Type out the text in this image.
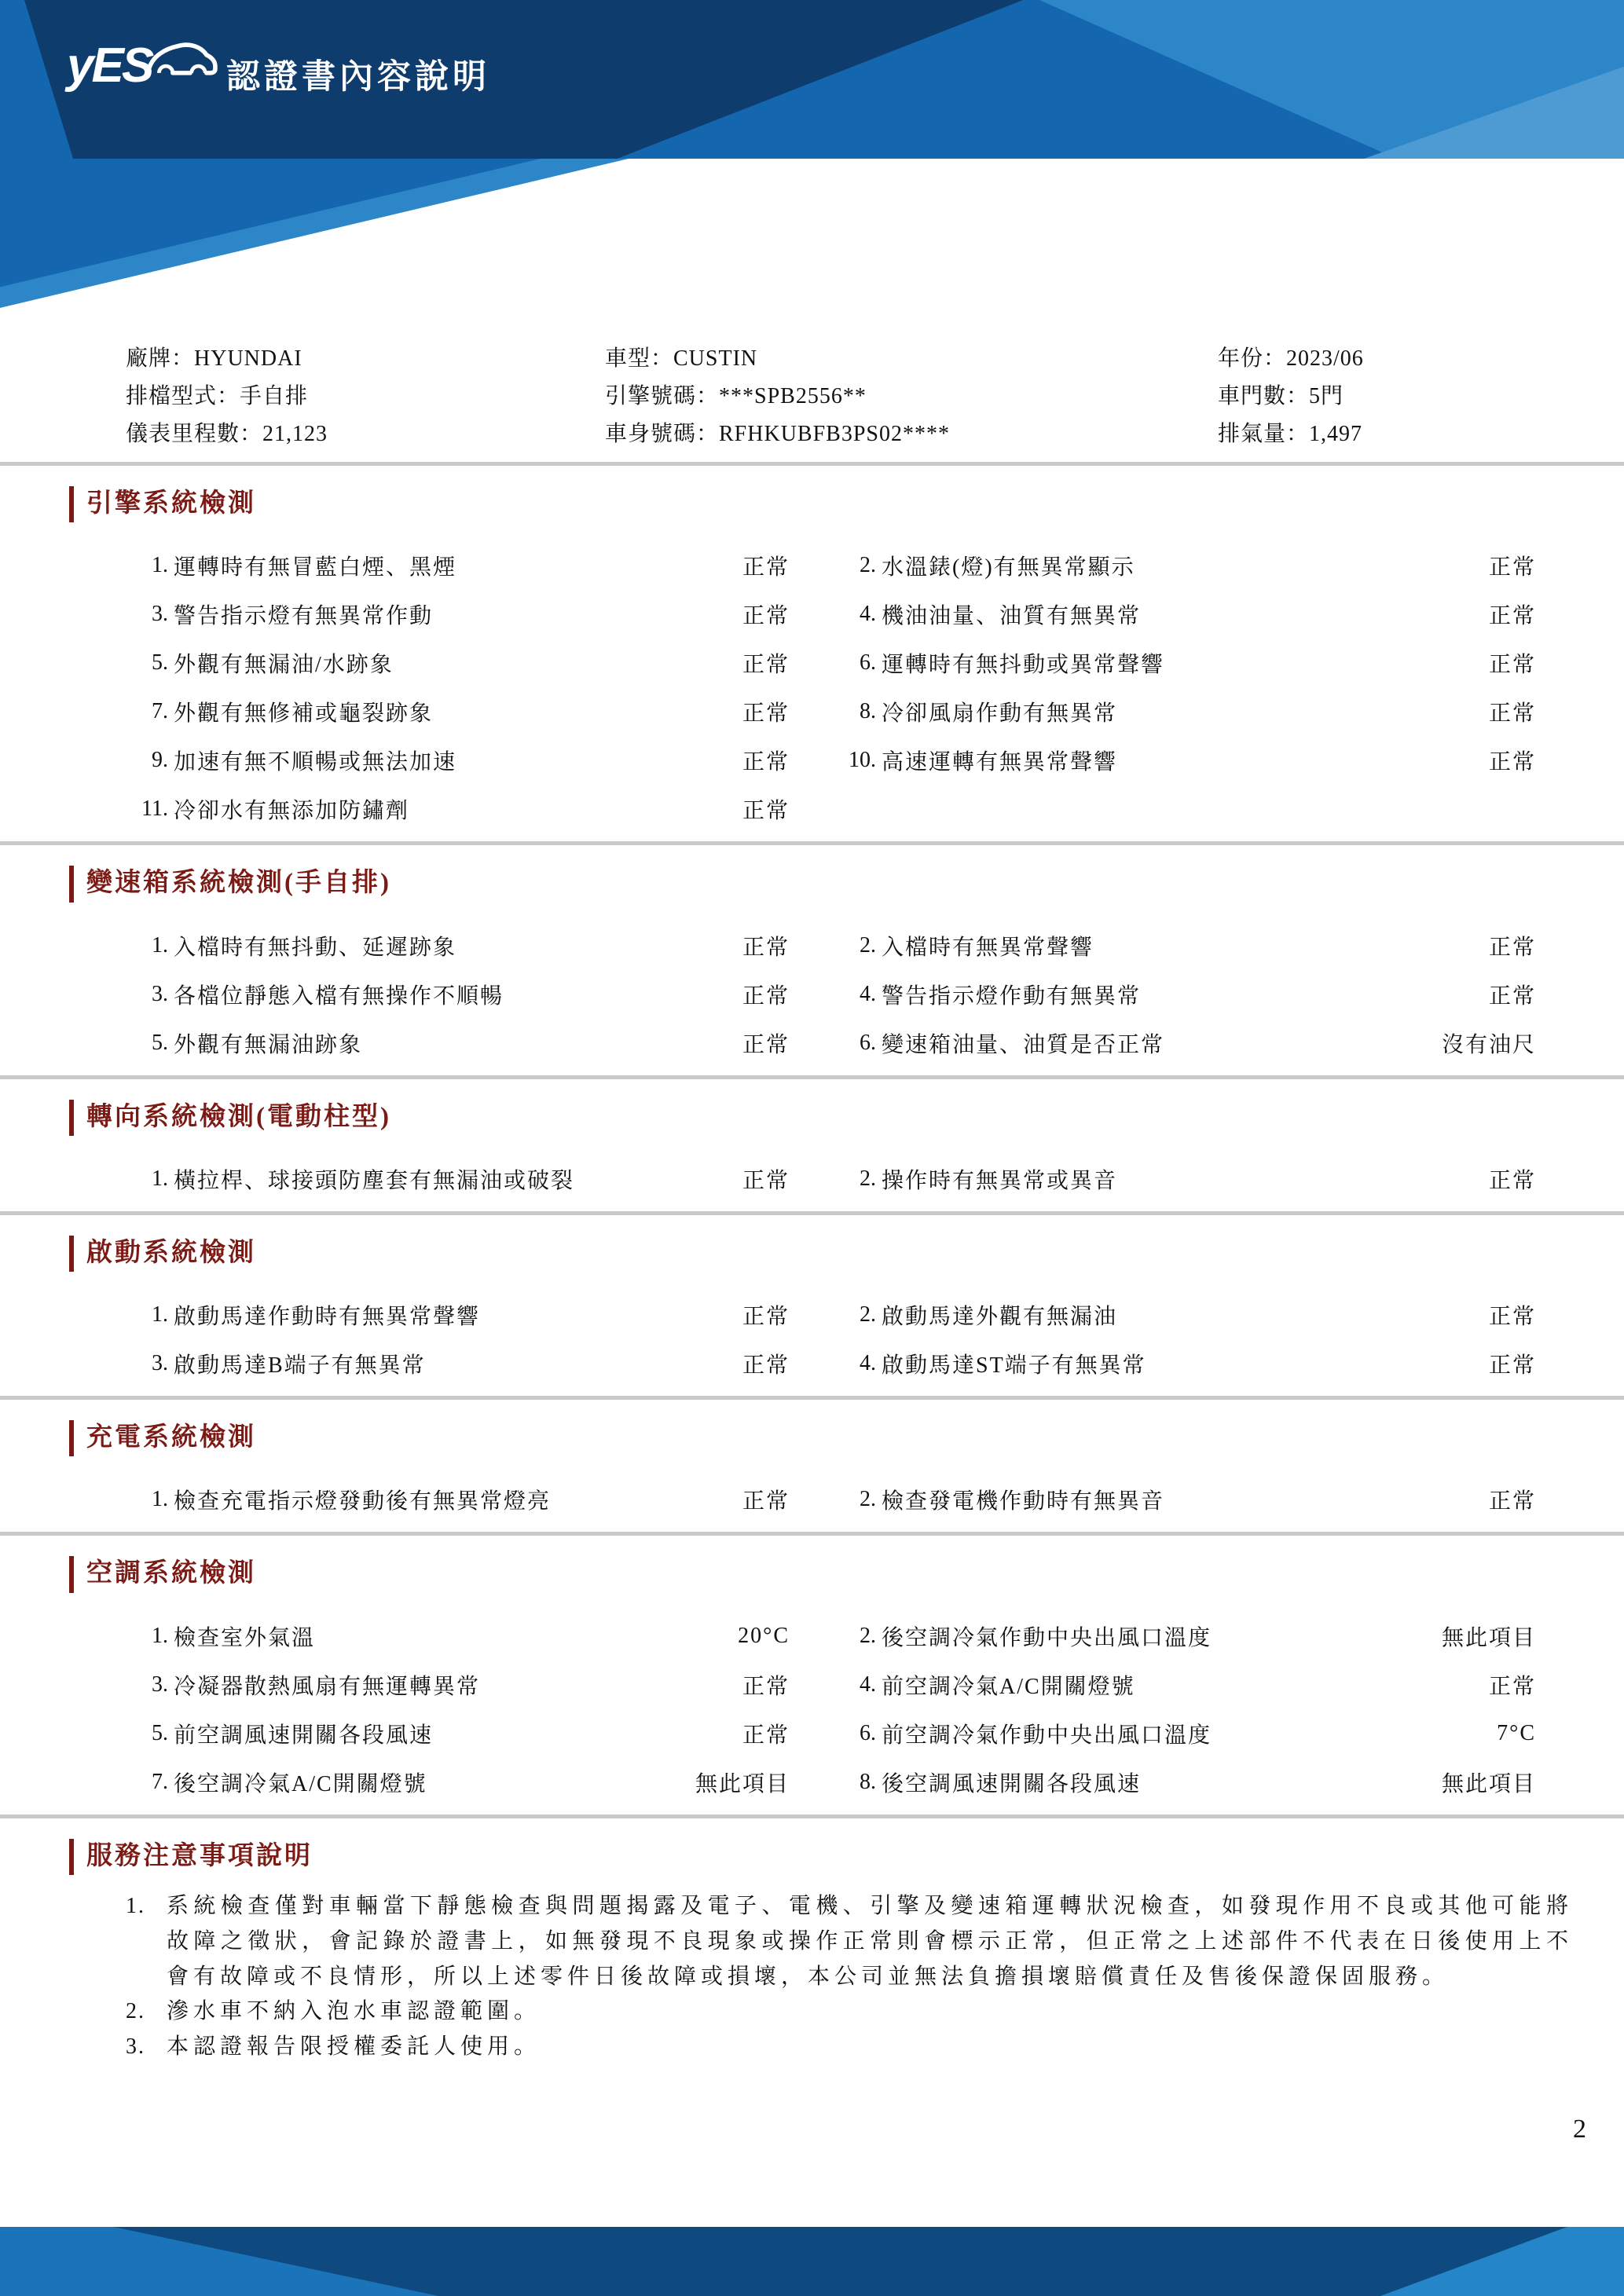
yES 認證書內容說明
廠牌：HYUNDAI	車型：CUSTIN	年份：2023/06
排檔型式：手自排	引擎號碼：***SPB2556**	車門數：5門
儀表里程數：21,123	車身號碼：RFHKUBFB3PS02****	排氣量：1,497
引擎系統檢測
1. 運轉時有無冒藍白煙、黑煙	正常	2. 水溫錶(燈)有無異常顯示	正常
3. 警告指示燈有無異常作動	正常	4. 機油油量、油質有無異常	正常
5. 外觀有無漏油/水跡象	正常	6. 運轉時有無抖動或異常聲響	正常
7. 外觀有無修補或龜裂跡象	正常	8. 冷卻風扇作動有無異常	正常
9. 加速有無不順暢或無法加速	正常	10. 高速運轉有無異常聲響	正常
11. 冷卻水有無添加防鏽劑	正常
變速箱系統檢測(手自排)
1. 入檔時有無抖動、延遲跡象	正常	2. 入檔時有無異常聲響	正常
3. 各檔位靜態入檔有無操作不順暢	正常	4. 警告指示燈作動有無異常	正常
5. 外觀有無漏油跡象	正常	6. 變速箱油量、油質是否正常	沒有油尺
轉向系統檢測(電動柱型)
1. 橫拉桿、球接頭防塵套有無漏油或破裂	正常	2. 操作時有無異常或異音	正常
啟動系統檢測
1. 啟動馬達作動時有無異常聲響	正常	2. 啟動馬達外觀有無漏油	正常
3. 啟動馬達B端子有無異常	正常	4. 啟動馬達ST端子有無異常	正常
充電系統檢測
1. 檢查充電指示燈發動後有無異常燈亮	正常	2. 檢查發電機作動時有無異音	正常
空調系統檢測
1. 檢查室外氣溫	20°C	2. 後空調冷氣作動中央出風口溫度	無此項目
3. 冷凝器散熱風扇有無運轉異常	正常	4. 前空調冷氣A/C開關燈號	正常
5. 前空調風速開關各段風速	正常	6. 前空調冷氣作動中央出風口溫度	7°C
7. 後空調冷氣A/C開關燈號	無此項目	8. 後空調風速開關各段風速	無此項目
服務注意事項說明
1. 系統檢查僅對車輛當下靜態檢查與問題揭露及電子、電機、引擎及變速箱運轉狀況檢查，如發現作用不良或其他可能將故障之徵狀，會記錄於證書上，如無發現不良現象或操作正常則會標示正常，但正常之上述部件不代表在日後使用上不會有故障或不良情形，所以上述零件日後故障或損壞，本公司並無法負擔損壞賠償責任及售後保證保固服務。
2. 滲水車不納入泡水車認證範圍。
3. 本認證報告限授權委託人使用。
2
